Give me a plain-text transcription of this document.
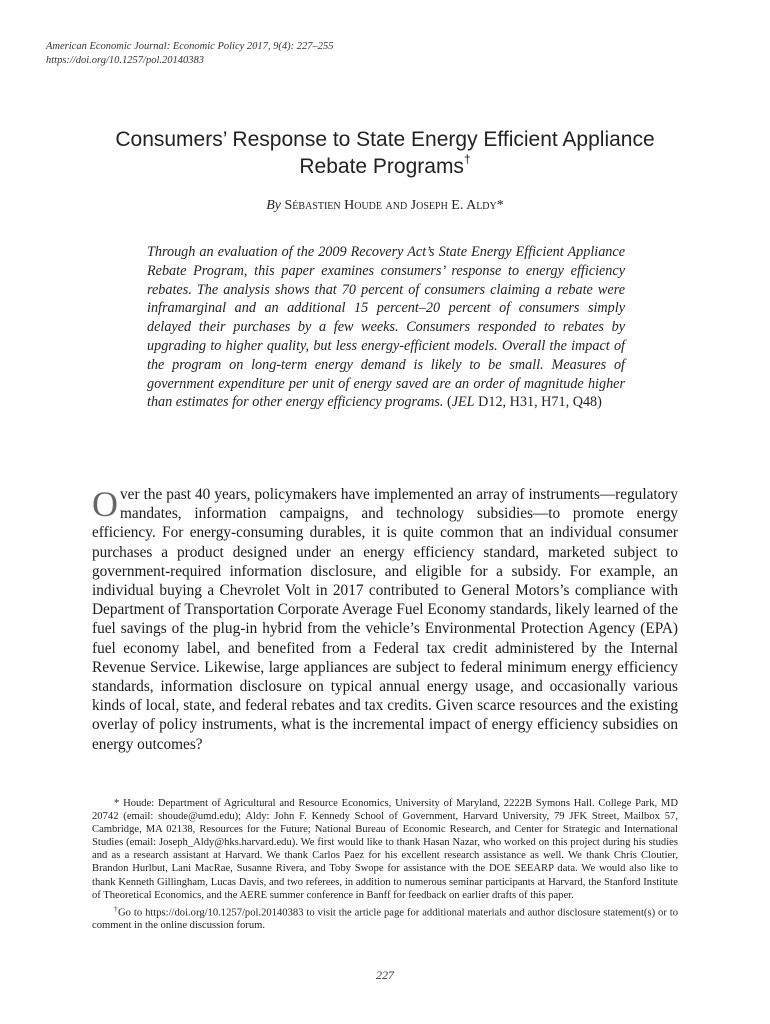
American Economic Journal: Economic Policy 2017, 9(4): 227–255
https://doi.org/10.1257/pol.20140383
Consumers’ Response to State Energy Efficient Appliance
Rebate Programs†
By Sébastien Houde and Joseph E. Aldy*
Through an evaluation of the 2009 Recovery Act’s State Energy Efficient Appliance Rebate Program, this paper examines consumers’ response to energy efficiency rebates. The analysis shows that 70 percent of consumers claiming a rebate were inframarginal and an additional 15 percent–20 percent of consumers simply delayed their purchases by a few weeks. Consumers responded to rebates by upgrading to higher quality, but less energy-efficient models. Overall the impact of the program on long-term energy demand is likely to be small. Measures of government expenditure per unit of energy saved are an order of magnitude higher than estimates for other energy efficiency programs. (JEL D12, H31, H71, Q48)
Over the past 40 years, policymakers have implemented an array of instruments—regulatory mandates, information campaigns, and technology subsidies—to promote energy efficiency. For energy-consuming durables, it is quite common that an individual consumer purchases a product designed under an energy efficiency standard, marketed subject to government-required information disclosure, and eligible for a subsidy. For example, an individual buying a Chevrolet Volt in 2017 contributed to General Motors’s compliance with Department of Transportation Corporate Average Fuel Economy standards, likely learned of the fuel savings of the plug-in hybrid from the vehicle’s Environmental Protection Agency (EPA) fuel economy label, and benefited from a Federal tax credit administered by the Internal Revenue Service. Likewise, large appliances are subject to federal minimum energy efficiency standards, information disclosure on typical annual energy usage, and occasionally various kinds of local, state, and federal rebates and tax credits. Given scarce resources and the existing overlay of policy instruments, what is the incremental impact of energy efficiency subsidies on energy outcomes?

* Houde: Department of Agricultural and Resource Economics, University of Maryland, 2222B Symons Hall. College Park, MD 20742 (email: shoude@umd.edu); Aldy: John F. Kennedy School of Government, Harvard University, 79 JFK Street, Mailbox 57, Cambridge, MA 02138, Resources for the Future; National Bureau of Economic Research, and Center for Strategic and International Studies (email: Joseph_Aldy@hks.harvard.edu). We first would like to thank Hasan Nazar, who worked on this project during his studies and as a research assistant at Harvard. We thank Carlos Paez for his excellent research assistance as well. We thank Chris Cloutier, Brandon Hurlbut, Lani MacRae, Susanne Rivera, and Toby Swope for assistance with the DOE SEEARP data. We would also like to thank Kenneth Gillingham, Lucas Davis, and two referees, in addition to numerous seminar participants at Harvard, the Stanford Institute of Theoretical Economics, and the AERE summer conference in Banff for feedback on earlier drafts of this paper.

†Go to https://doi.org/10.1257/pol.20140383 to visit the article page for additional materials and author disclosure statement(s) or to comment in the online discussion forum.

227
